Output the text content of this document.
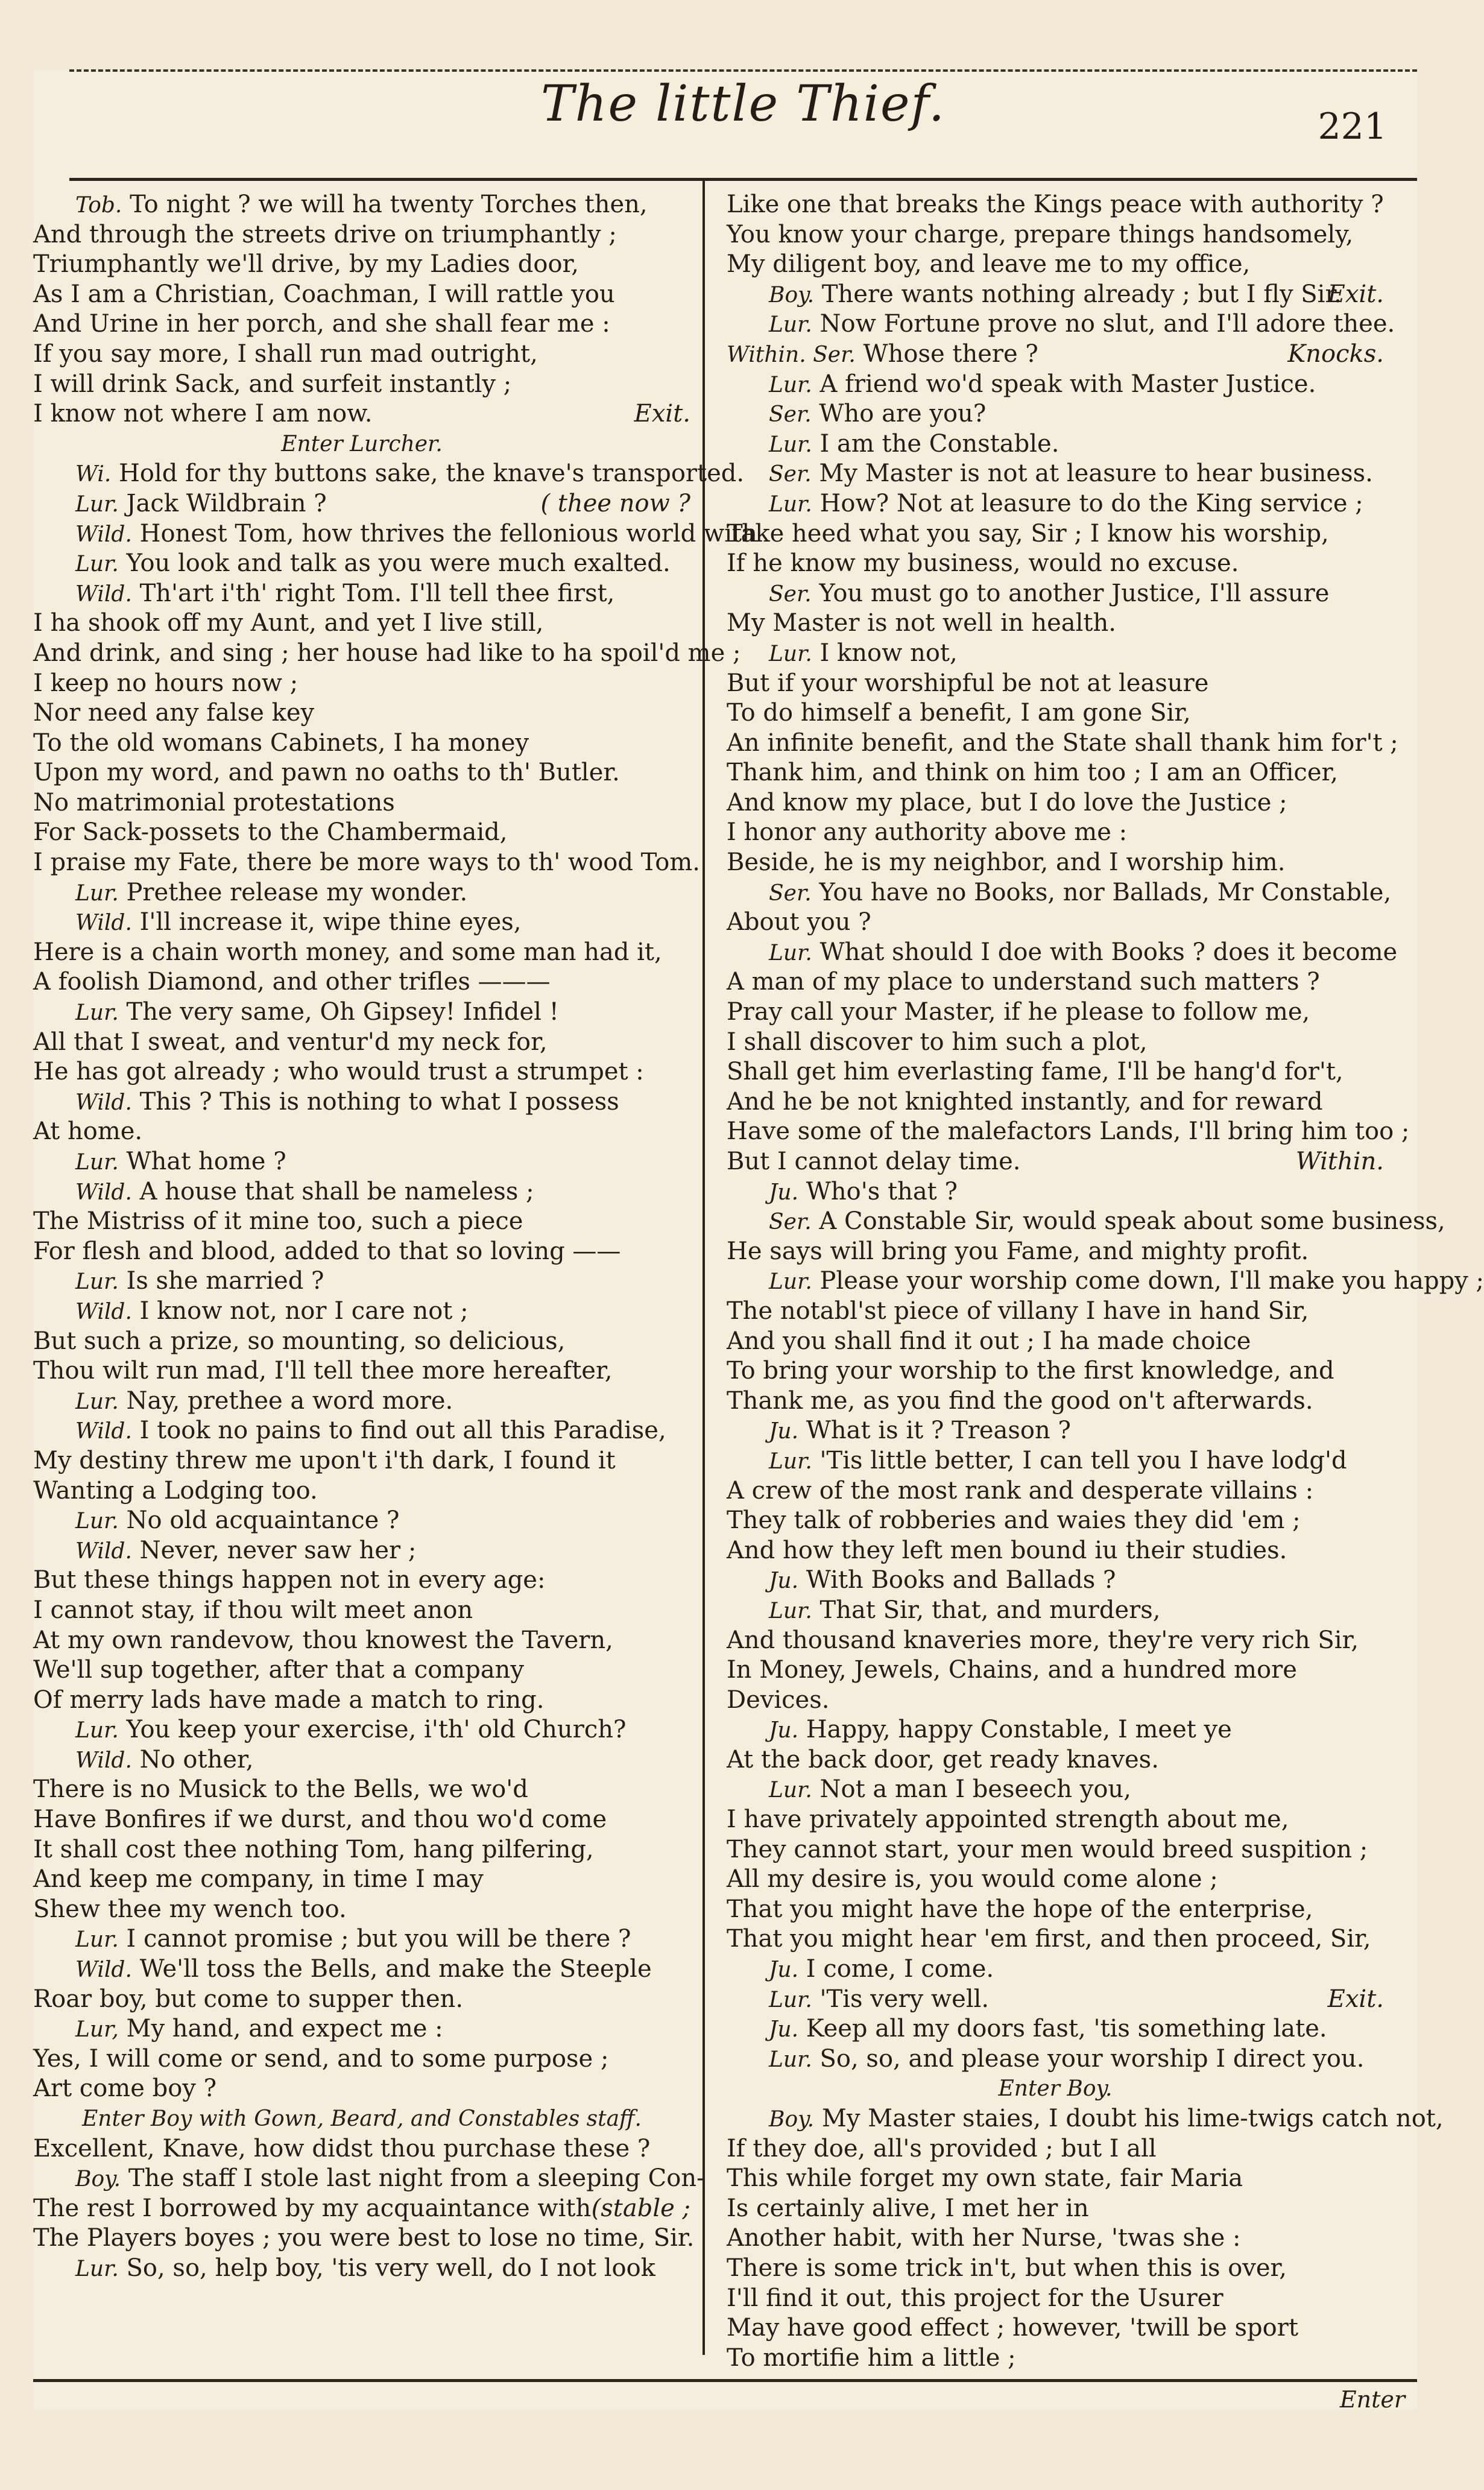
The little Thief.	221
Tob. To night ? we will ha twenty Torches then,
And through the streets drive on triumphantly ;
Triumphantly we'll drive, by my Ladies door,
As I am a Christian, Coachman, I will rattle you
And Urine in her porch, and she shall fear me :
If you say more, I shall run mad outright,
I will drink Sack, and surfeit instantly ;
Exit.
I know not where I am now.
Enter Lurcher.
Wi. Hold for thy buttons sake, the knave's transported.
( thee now ?
Lur. Jack Wildbrain ?
Wild. Honest Tom, how thrives the fellonious world with
Lur. You look and talk as you were much exalted.
Wild. Th'art i'th' right Tom. I'll tell thee first,
I ha shook off my Aunt, and yet I live still,
And drink, and sing ; her house had like to ha spoil'd me ;
I keep no hours now ;
Nor need any false key
To the old womans Cabinets, I ha money
Upon my word, and pawn no oaths to th' Butler.
No matrimonial protestations
For Sack-possets to the Chambermaid,
I praise my Fate, there be more ways to th' wood Tom.
Lur. Prethee release my wonder.
Wild. I'll increase it, wipe thine eyes,
Here is a chain worth money, and some man had it,
A foolish Diamond, and other trifles ———
Lur. The very same, Oh Gipsey! Infidel !
All that I sweat, and ventur'd my neck for,
He has got already ; who would trust a strumpet :
Wild. This ? This is nothing to what I possess
At home.
Lur. What home ?
Wild. A house that shall be nameless ;
The Mistriss of it mine too, such a piece
For flesh and blood, added to that so loving ——
Lur. Is she married ?
Wild. I know not, nor I care not ;
But such a prize, so mounting, so delicious,
Thou wilt run mad, I'll tell thee more hereafter,
Lur. Nay, prethee a word more.
Wild. I took no pains to find out all this Paradise,
My destiny threw me upon't i'th dark, I found it
Wanting a Lodging too.
Lur. No old acquaintance ?
Wild. Never, never saw her ;
But these things happen not in every age:
I cannot stay, if thou wilt meet anon
At my own randevow, thou knowest the Tavern,
We'll sup together, after that a company
Of merry lads have made a match to ring.
Lur. You keep your exercise, i'th' old Church?
Wild. No other,
There is no Musick to the Bells, we wo'd
Have Bonfires if we durst, and thou wo'd come
It shall cost thee nothing Tom, hang pilfering,
And keep me company, in time I may
Shew thee my wench too.
Lur. I cannot promise ; but you will be there ?
Wild. We'll toss the Bells, and make the Steeple
Roar boy, but come to supper then.
Lur, My hand, and expect me :
Yes, I will come or send, and to some purpose ;
Art come boy ?
Enter Boy with Gown, Beard, and Constables staff.
Excellent, Knave, how didst thou purchase these ?
Boy. The staff I stole last night from a sleeping Con-
(stable ;
The rest I borrowed by my acquaintance with
The Players boyes ; you were best to lose no time, Sir.
Lur. So, so, help boy, 'tis very well, do I not look
Like one that breaks the Kings peace with authority ?
You know your charge, prepare things handsomely,
My diligent boy, and leave me to my office,
Exit.
Boy. There wants nothing already ; but I fly Sir.
Lur. Now Fortune prove no slut, and I'll adore thee.
Knocks.
Within. Ser. Whose there ?
Lur. A friend wo'd speak with Master Justice.
Ser. Who are you?
Lur. I am the Constable.
Ser. My Master is not at leasure to hear business.
Lur. How? Not at leasure to do the King service ;
Take heed what you say, Sir ; I know his worship,
If he know my business, would no excuse.
Ser. You must go to another Justice, I'll assure
My Master is not well in health.
Lur. I know not,
But if your worshipful be not at leasure
To do himself a benefit, I am gone Sir,
An infinite benefit, and the State shall thank him for't ;
Thank him, and think on him too ; I am an Officer,
And know my place, but I do love the Justice ;
I honor any authority above me :
Beside, he is my neighbor, and I worship him.
Ser. You have no Books, nor Ballads, Mr Constable,
About you ?
Lur. What should I doe with Books ? does it become
A man of my place to understand such matters ?
Pray call your Master, if he please to follow me,
I shall discover to him such a plot,
Shall get him everlasting fame, I'll be hang'd for't,
And he be not knighted instantly, and for reward
Have some of the malefactors Lands, I'll bring him too ;
Within.
But I cannot delay time.
Ju. Who's that ?
Ser. A Constable Sir, would speak about some business,
He says will bring you Fame, and mighty profit.
Lur. Please your worship come down, I'll make you happy ;
The notabl'st piece of villany I have in hand Sir,
And you shall find it out ; I ha made choice
To bring your worship to the first knowledge, and
Thank me, as you find the good on't afterwards.
Ju. What is it ? Treason ?
Lur. 'Tis little better, I can tell you I have lodg'd
A crew of the most rank and desperate villains :
They talk of robberies and waies they did 'em ;
And how they left men bound iu their studies.
Ju. With Books and Ballads ?
Lur. That Sir, that, and murders,
And thousand knaveries more, they're very rich Sir,
In Money, Jewels, Chains, and a hundred more
Devices.
Ju. Happy, happy Constable, I meet ye
At the back door, get ready knaves.
Lur. Not a man I beseech you,
I have privately appointed strength about me,
They cannot start, your men would breed suspition ;
All my desire is, you would come alone ;
That you might have the hope of the enterprise,
That you might hear 'em first, and then proceed, Sir,
Ju. I come, I come.
Exit.
Lur. 'Tis very well.
Ju. Keep all my doors fast, 'tis something late.
Lur. So, so, and please your worship I direct you.
Enter Boy.
Boy. My Master staies, I doubt his lime-twigs catch not,
If they doe, all's provided ; but I all
This while forget my own state, fair Maria
Is certainly alive, I met her in
Another habit, with her Nurse, 'twas she :
There is some trick in't, but when this is over,
I'll find it out, this project for the Usurer
May have good effect ; however, 'twill be sport
To mortifie him a little ;
Enter
